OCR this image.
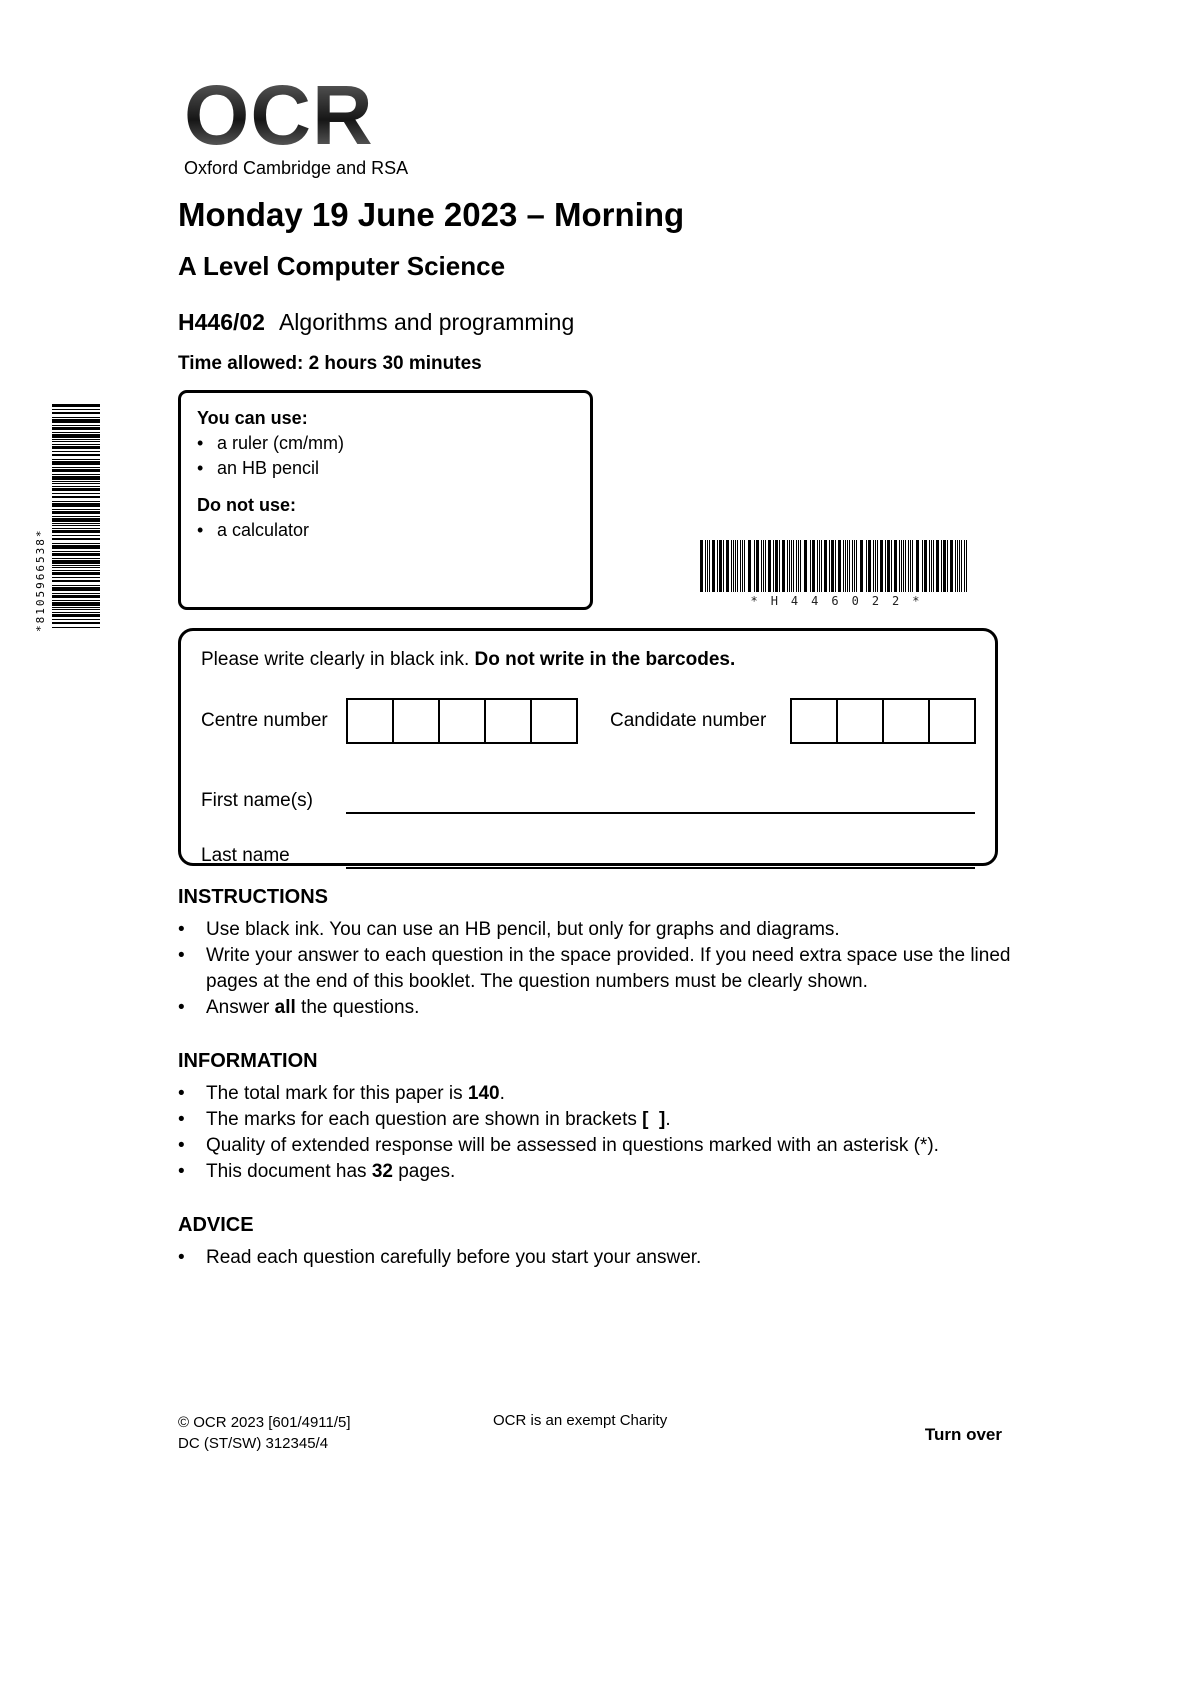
OCR
Oxford Cambridge and RSA
Monday 19 June 2023 – Morning
A Level Computer Science
H446/02 Algorithms and programming
Time allowed: 2 hours 30 minutes
*8105966538*
You can use:
• a ruler (cm/mm)
• an HB pencil
Do not use:
• a calculator
*H446022*
Please write clearly in black ink. Do not write in the barcodes.
Centre number	Candidate number
First name(s)
Last name
INSTRUCTIONS
•	Use black ink. You can use an HB pencil, but only for graphs and diagrams.
•	Write your answer to each question in the space provided. If you need extra space use the lined pages at the end of this booklet. The question numbers must be clearly shown.
•	Answer all the questions.
INFORMATION
•	The total mark for this paper is 140.
•	The marks for each question are shown in brackets [  ].
•	Quality of extended response will be assessed in questions marked with an asterisk (*).
•	This document has 32 pages.
ADVICE
•	Read each question carefully before you start your answer.
© OCR 2023 [601/4911/5]
DC (ST/SW) 312345/4
OCR is an exempt Charity
Turn over
